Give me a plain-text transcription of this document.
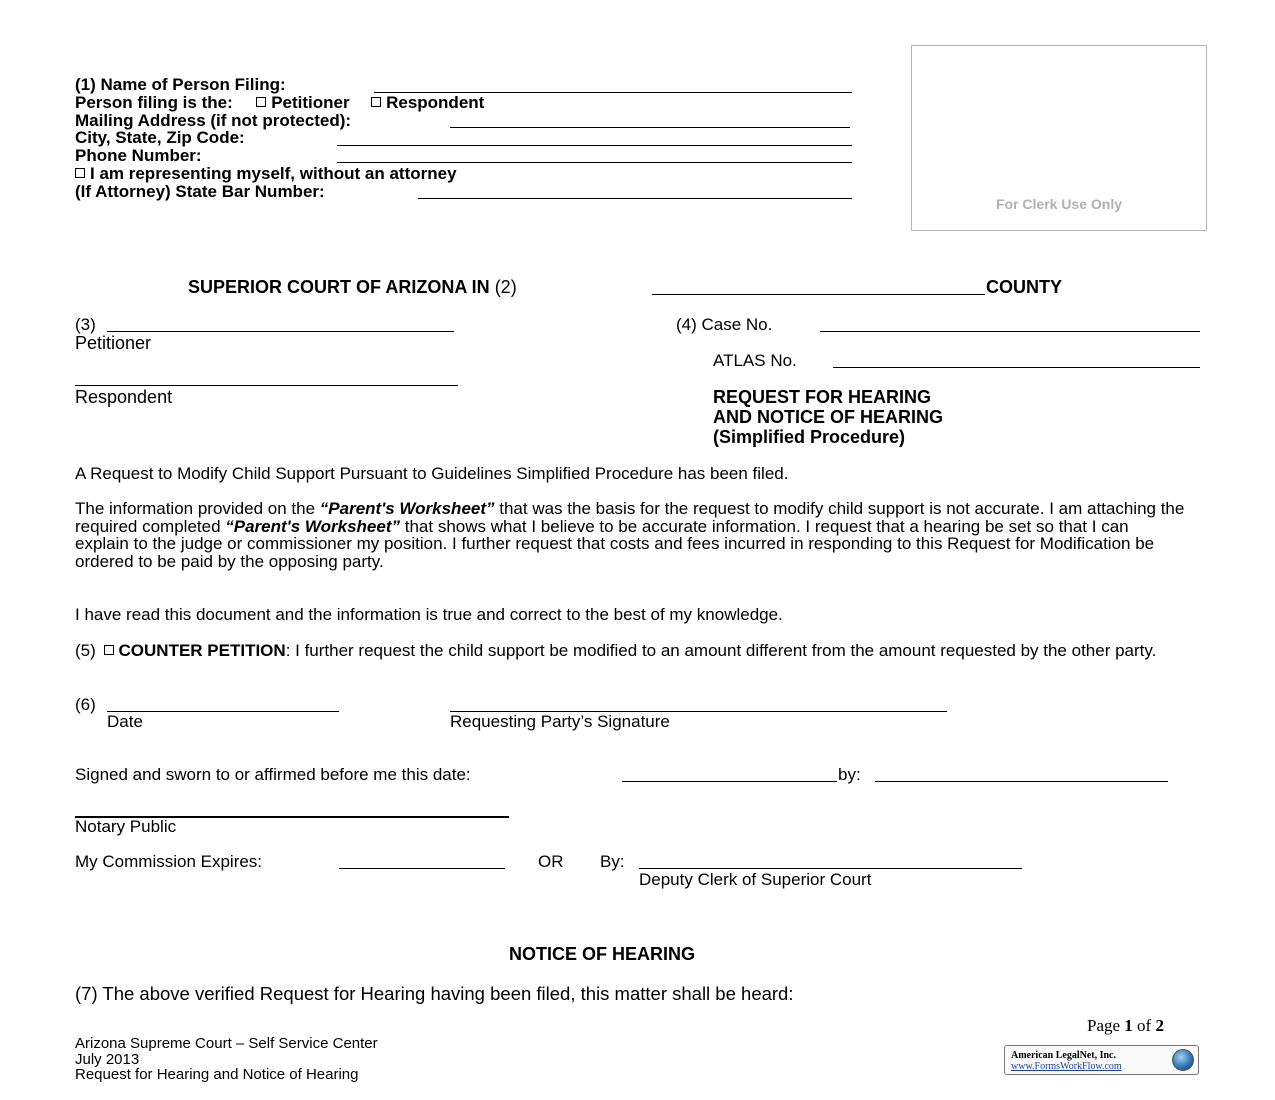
(1) Name of Person Filing:
Person filing is the: Petitioner Respondent
Mailing Address (if not protected):
City, State, Zip Code:
Phone Number:
I am representing myself, without an attorney
(If Attorney) State Bar Number:
For Clerk Use Only
SUPERIOR COURT OF ARIZONA IN (2)	COUNTY
(3)
Petitioner
Respondent
(4) Case No.
ATLAS No.
REQUEST FOR HEARING
AND NOTICE OF HEARING
(Simplified Procedure)
A Request to Modify Child Support Pursuant to Guidelines Simplified Procedure has been filed.
The information provided on the “Parent's Worksheet” that was the basis for the request to modify child support is not accurate. I am attaching the required completed “Parent's Worksheet” that shows what I believe to be accurate information. I request that a hearing be set so that I can explain to the judge or commissioner my position. I further request that costs and fees incurred in responding to this Request for Modification be ordered to be paid by the opposing party.
I have read this document and the information is true and correct to the best of my knowledge.
(5) COUNTER PETITION: I further request the child support be modified to an amount different from the amount requested by the other party.
(6)
Date	Requesting Party’s Signature
Signed and sworn to or affirmed before me this date:	by:
Notary Public
My Commission Expires:	OR By:
Deputy Clerk of Superior Court
NOTICE OF HEARING
(7) The above verified Request for Hearing having been filed, this matter shall be heard:
Arizona Supreme Court – Self Service Center
July 2013
Request for Hearing and Notice of Hearing
Page 1 of 2
American LegalNet, Inc.
www.FormsWorkFlow.com
